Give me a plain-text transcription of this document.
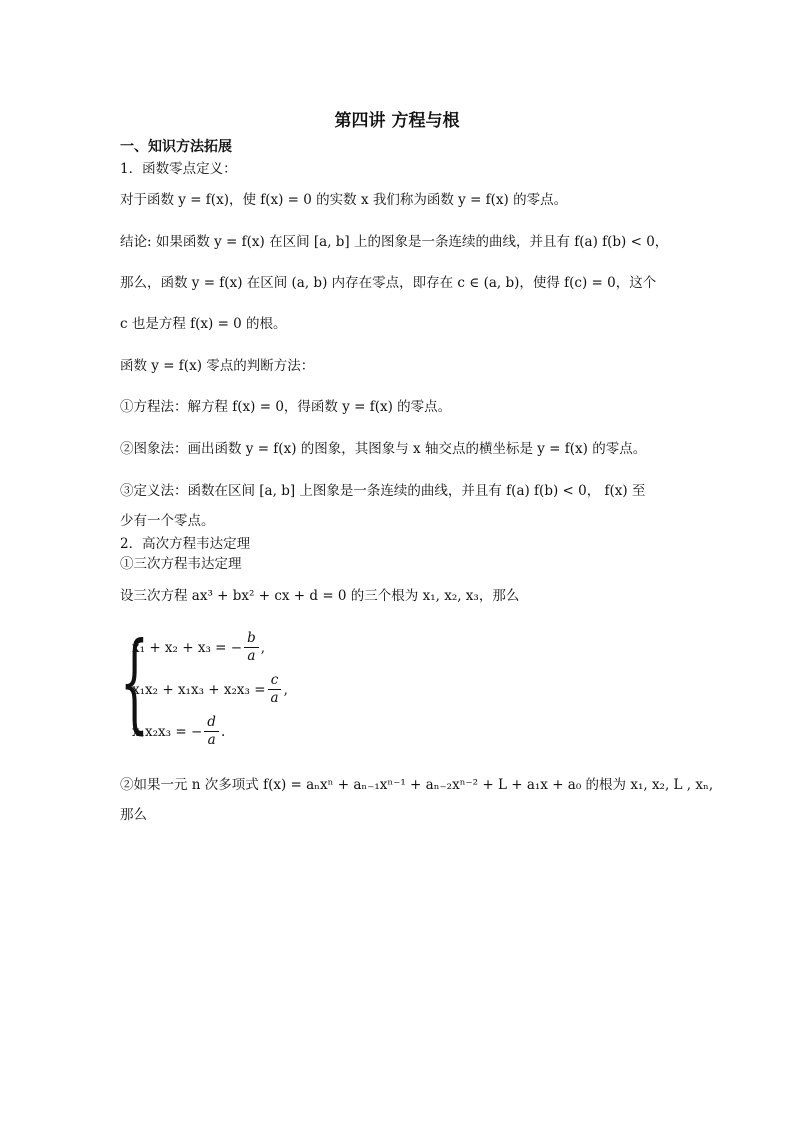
第四讲 方程与根
一、知识方法拓展
1．函数零点定义：
对于函数 y = f(x)，使 f(x) = 0 的实数 x 我们称为函数 y = f(x) 的零点。
结论: 如果函数 y = f(x) 在区间 [a, b] 上的图象是一条连续的曲线，并且有 f(a) f(b) < 0，
那么，函数 y = f(x) 在区间 (a, b) 内存在零点，即存在 c ∈ (a, b)，使得 f(c) = 0，这个
c 也是方程 f(x) = 0 的根。
函数 y = f(x) 零点的判断方法：
①方程法：解方程 f(x) = 0，得函数 y = f(x) 的零点。
②图象法：画出函数 y = f(x) 的图象，其图象与 x 轴交点的横坐标是 y = f(x) 的零点。
③定义法：函数在区间 [a, b] 上图象是一条连续的曲线，并且有 f(a) f(b) < 0， f(x) 至
少有一个零点。
2．高次方程韦达定理
①三次方程韦达定理
设三次方程 ax³ + bx² + cx + d = 0 的三个根为 x₁, x₂, x₃，那么
{
x₁ + x₂ + x₃ = − $\frac{b}{a}$ ,
$x_1x_2 + x_1x_3 + x_2x_3 = \frac{c}{a}$ ,
x₁x₂x₃ = − $\frac{d}{a}$ .
②如果一元 n 次多项式 f(x) = aₙxⁿ + aₙ₋₁xⁿ⁻¹ + aₙ₋₂xⁿ⁻² + L + a₁x + a₀ 的根为 x₁, x₂, L , xₙ,
那么
